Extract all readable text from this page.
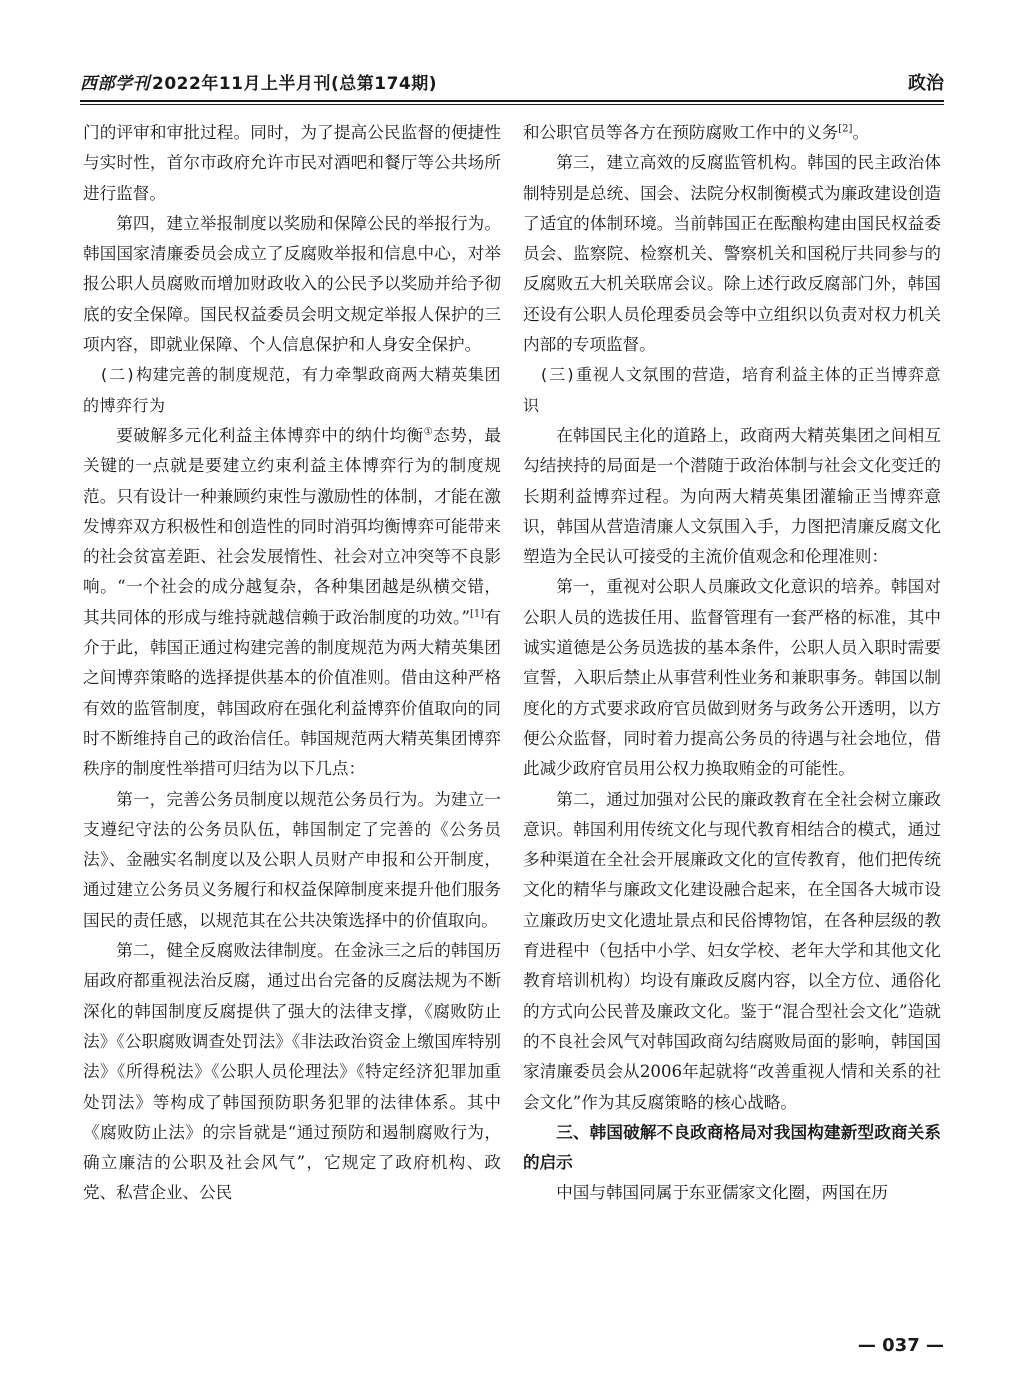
西部学刊 2022年11月上半月刊(总第174期)	政治

门的评审和审批过程。同时，为了提高公民监督的便捷性与实时性，首尔市政府允许市民对酒吧和餐厅等公共场所进行监督。

第四，建立举报制度以奖励和保障公民的举报行为。韩国国家清廉委员会成立了反腐败举报和信息中心，对举报公职人员腐败而增加财政收入的公民予以奖励并给予彻底的安全保障。国民权益委员会明文规定举报人保护的三项内容，即就业保障、个人信息保护和人身安全保护。

(二)构建完善的制度规范，有力牵掣政商两大精英集团的博弈行为

要破解多元化利益主体博弈中的纳什均衡①态势，最关键的一点就是要建立约束利益主体博弈行为的制度规范。只有设计一种兼顾约束性与激励性的体制，才能在激发博弈双方积极性和创造性的同时消弭均衡博弈可能带来的社会贫富差距、社会发展惰性、社会对立冲突等不良影响。“一个社会的成分越复杂，各种集团越是纵横交错，其共同体的形成与维持就越信赖于政治制度的功效。”[1]有介于此，韩国正通过构建完善的制度规范为两大精英集团之间博弈策略的选择提供基本的价值准则。借由这种严格有效的监管制度，韩国政府在强化利益博弈价值取向的同时不断维持自己的政治信任。韩国规范两大精英集团博弈秩序的制度性举措可归结为以下几点：

第一，完善公务员制度以规范公务员行为。为建立一支遵纪守法的公务员队伍，韩国制定了完善的《公务员法》、金融实名制度以及公职人员财产申报和公开制度，通过建立公务员义务履行和权益保障制度来提升他们服务国民的责任感，以规范其在公共决策选择中的价值取向。

第二，健全反腐败法律制度。在金泳三之后的韩国历届政府都重视法治反腐，通过出台完备的反腐法规为不断深化的韩国制度反腐提供了强大的法律支撑，《腐败防止法》《公职腐败调查处罚法》《非法政治资金上缴国库特别法》《所得税法》《公职人员伦理法》《特定经济犯罪加重处罚法》等构成了韩国预防职务犯罪的法律体系。其中《腐败防止法》的宗旨就是“通过预防和遏制腐败行为，确立廉洁的公职及社会风气”，它规定了政府机构、政党、私营企业、公民

和公职官员等各方在预防腐败工作中的义务[2]。

第三，建立高效的反腐监管机构。韩国的民主政治体制特别是总统、国会、法院分权制衡模式为廉政建设创造了适宜的体制环境。当前韩国正在酝酿构建由国民权益委员会、监察院、检察机关、警察机关和国税厅共同参与的反腐败五大机关联席会议。除上述行政反腐部门外，韩国还设有公职人员伦理委员会等中立组织以负责对权力机关内部的专项监督。

(三)重视人文氛围的营造，培育利益主体的正当博弈意识

在韩国民主化的道路上，政商两大精英集团之间相互勾结挟持的局面是一个潜随于政治体制与社会文化变迁的长期利益博弈过程。为向两大精英集团灌输正当博弈意识，韩国从营造清廉人文氛围入手，力图把清廉反腐文化塑造为全民认可接受的主流价值观念和伦理准则：

第一，重视对公职人员廉政文化意识的培养。韩国对公职人员的选拔任用、监督管理有一套严格的标准，其中诚实道德是公务员选拔的基本条件，公职人员入职时需要宣誓，入职后禁止从事营利性业务和兼职事务。韩国以制度化的方式要求政府官员做到财务与政务公开透明，以方便公众监督，同时着力提高公务员的待遇与社会地位，借此减少政府官员用公权力换取贿金的可能性。

第二，通过加强对公民的廉政教育在全社会树立廉政意识。韩国利用传统文化与现代教育相结合的模式，通过多种渠道在全社会开展廉政文化的宣传教育，他们把传统文化的精华与廉政文化建设融合起来，在全国各大城市设立廉政历史文化遗址景点和民俗博物馆，在各种层级的教育进程中（包括中小学、妇女学校、老年大学和其他文化教育培训机构）均设有廉政反腐内容，以全方位、通俗化的方式向公民普及廉政文化。鉴于“混合型社会文化”造就的不良社会风气对韩国政商勾结腐败局面的影响，韩国国家清廉委员会从2006年起就将“改善重视人情和关系的社会文化”作为其反腐策略的核心战略。

三、韩国破解不良政商格局对我国构建新型政商关系的启示

中国与韩国同属于东亚儒家文化圈，两国在历

— 037 —
